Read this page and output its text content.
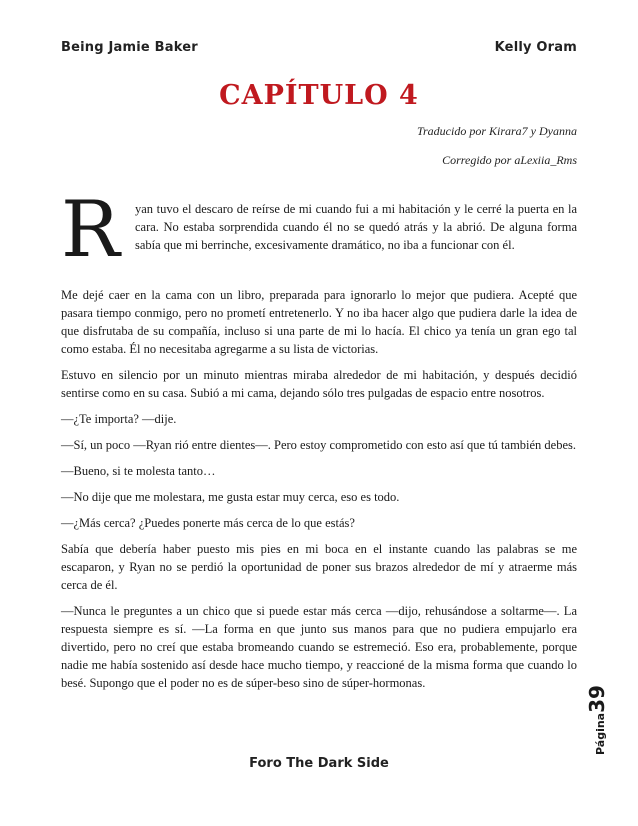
Being Jamie Baker	Kelly Oram
CAPÍTULO 4
Traducido por Kirara7 y Dyanna
Corregido por aLexiia_Rms
R yan tuvo el descaro de reírse de mi cuando fui a mi habitación y le cerré la puerta en la cara. No estaba sorprendida cuando él no se quedó atrás y la abrió. De alguna forma sabía que mi berrinche, excesivamente dramático, no iba a funcionar con él.

Me dejé caer en la cama con un libro, preparada para ignorarlo lo mejor que pudiera. Acepté que pasara tiempo conmigo, pero no prometí entretenerlo. Y no iba hacer algo que pudiera darle la idea de que disfrutaba de su compañía, incluso si una parte de mi lo hacía. El chico ya tenía un gran ego tal como estaba. Él no necesitaba agregarme a su lista de victorias.

Estuvo en silencio por un minuto mientras miraba alrededor de mi habitación, y después decidió sentirse como en su casa. Subió a mi cama, dejando sólo tres pulgadas de espacio entre nosotros.

—¿Te importa? —dije.

—Sí, un poco —Ryan rió entre dientes—. Pero estoy comprometido con esto así que tú también debes.

—Bueno, si te molesta tanto…

—No dije que me molestara, me gusta estar muy cerca, eso es todo.

—¿Más cerca? ¿Puedes ponerte más cerca de lo que estás?

Sabía que debería haber puesto mis pies en mi boca en el instante cuando las palabras se me escaparon, y Ryan no se perdió la oportunidad de poner sus brazos alrededor de mí y atraerme más cerca de él.

—Nunca le preguntes a un chico que si puede estar más cerca —dijo, rehusándose a soltarme—. La respuesta siempre es sí. —La forma en que junto sus manos para que no pudiera empujarlo era divertido, pero no creí que estaba bromeando cuando se estremeció. Eso era, probablemente, porque nadie me había sostenido así desde hace mucho tiempo, y reaccioné de la misma forma que cuando lo besé. Supongo que el poder no es de súper-beso sino de súper-hormonas.

Página39
Foro The Dark Side
